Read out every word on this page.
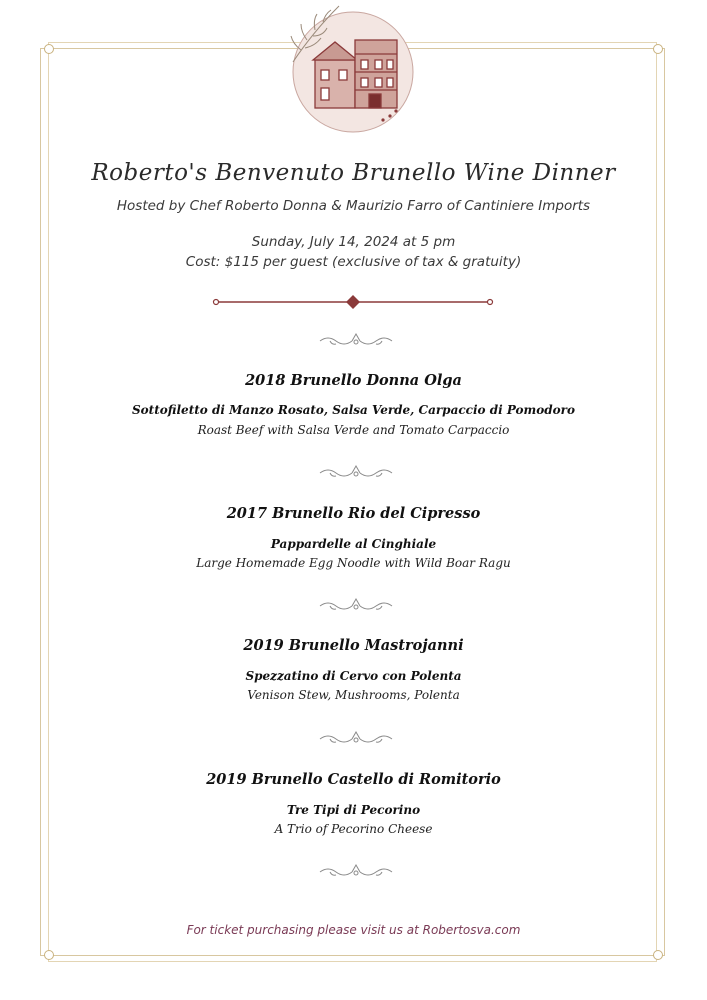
Roberto's Benvenuto Brunello Wine Dinner
Hosted by Chef Roberto Donna & Maurizio Farro of Cantiniere Imports
Sunday, July 14, 2024 at 5 pm
Cost: $115 per guest (exclusive of tax & gratuity)
2018 Brunello Donna Olga
Sottofiletto di Manzo Rosato, Salsa Verde, Carpaccio di Pomodoro
Roast Beef with Salsa Verde and Tomato Carpaccio
2017 Brunello Rio del Cipresso
Pappardelle al Cinghiale
Large Homemade Egg Noodle with Wild Boar Ragu
2019 Brunello Mastrojanni
Spezzatino di Cervo con Polenta
Venison Stew, Mushrooms, Polenta
2019 Brunello Castello di Romitorio
Tre Tipi di Pecorino
A Trio of Pecorino Cheese
For ticket purchasing please visit us at Robertosva.com
